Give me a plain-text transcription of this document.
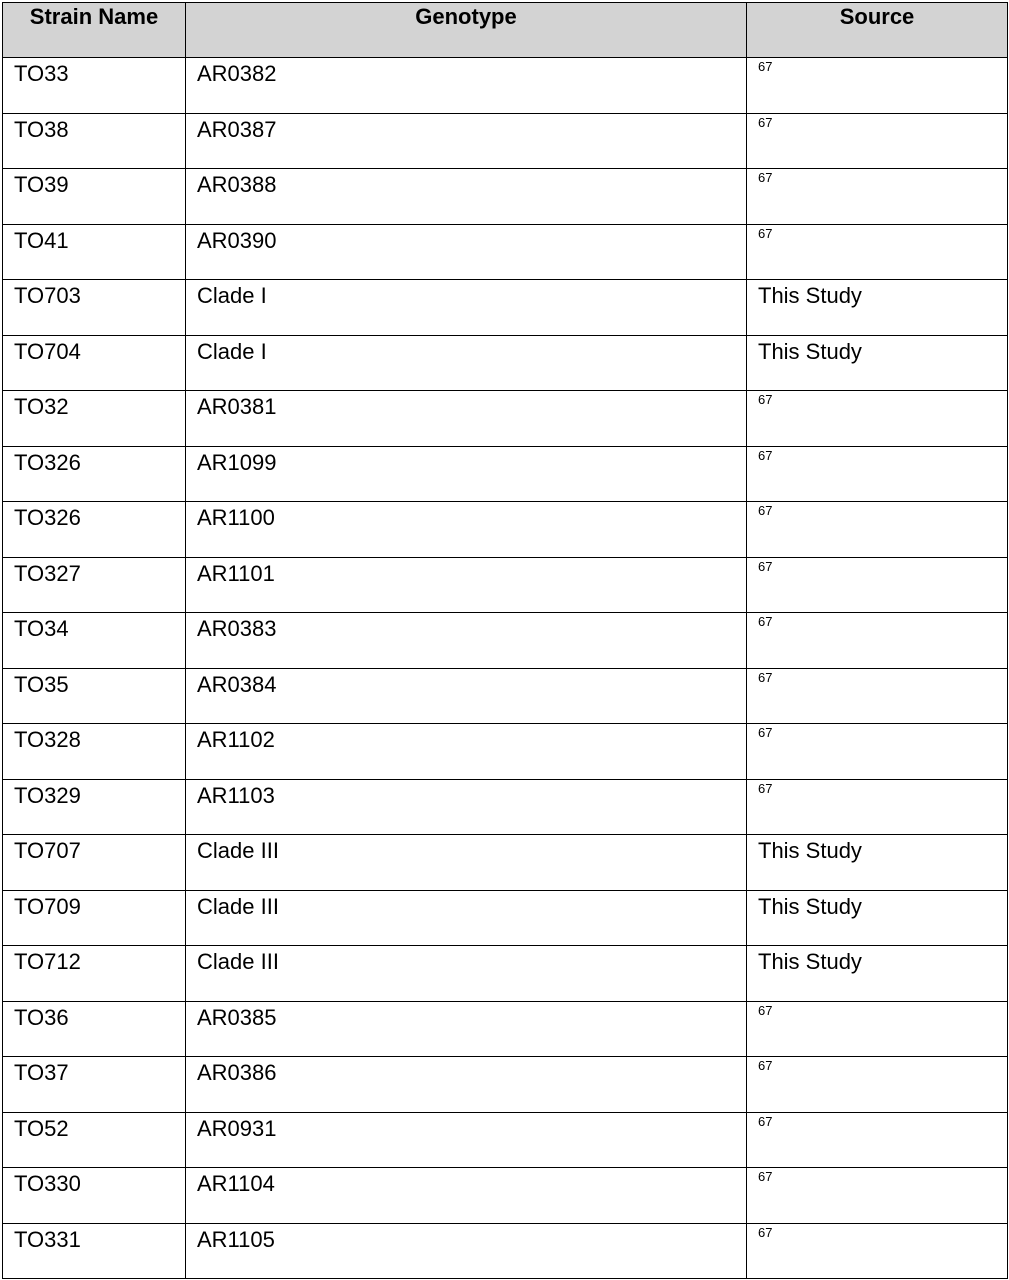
Strain Name	Genotype	Source
TO33	AR0382	67
TO38	AR0387	67
TO39	AR0388	67
TO41	AR0390	67
TO703	Clade I	This Study
TO704	Clade I	This Study
TO32	AR0381	67
TO326	AR1099	67
TO326	AR1100	67
TO327	AR1101	67
TO34	AR0383	67
TO35	AR0384	67
TO328	AR1102	67
TO329	AR1103	67
TO707	Clade III	This Study
TO709	Clade III	This Study
TO712	Clade III	This Study
TO36	AR0385	67
TO37	AR0386	67
TO52	AR0931	67
TO330	AR1104	67
TO331	AR1105	67
